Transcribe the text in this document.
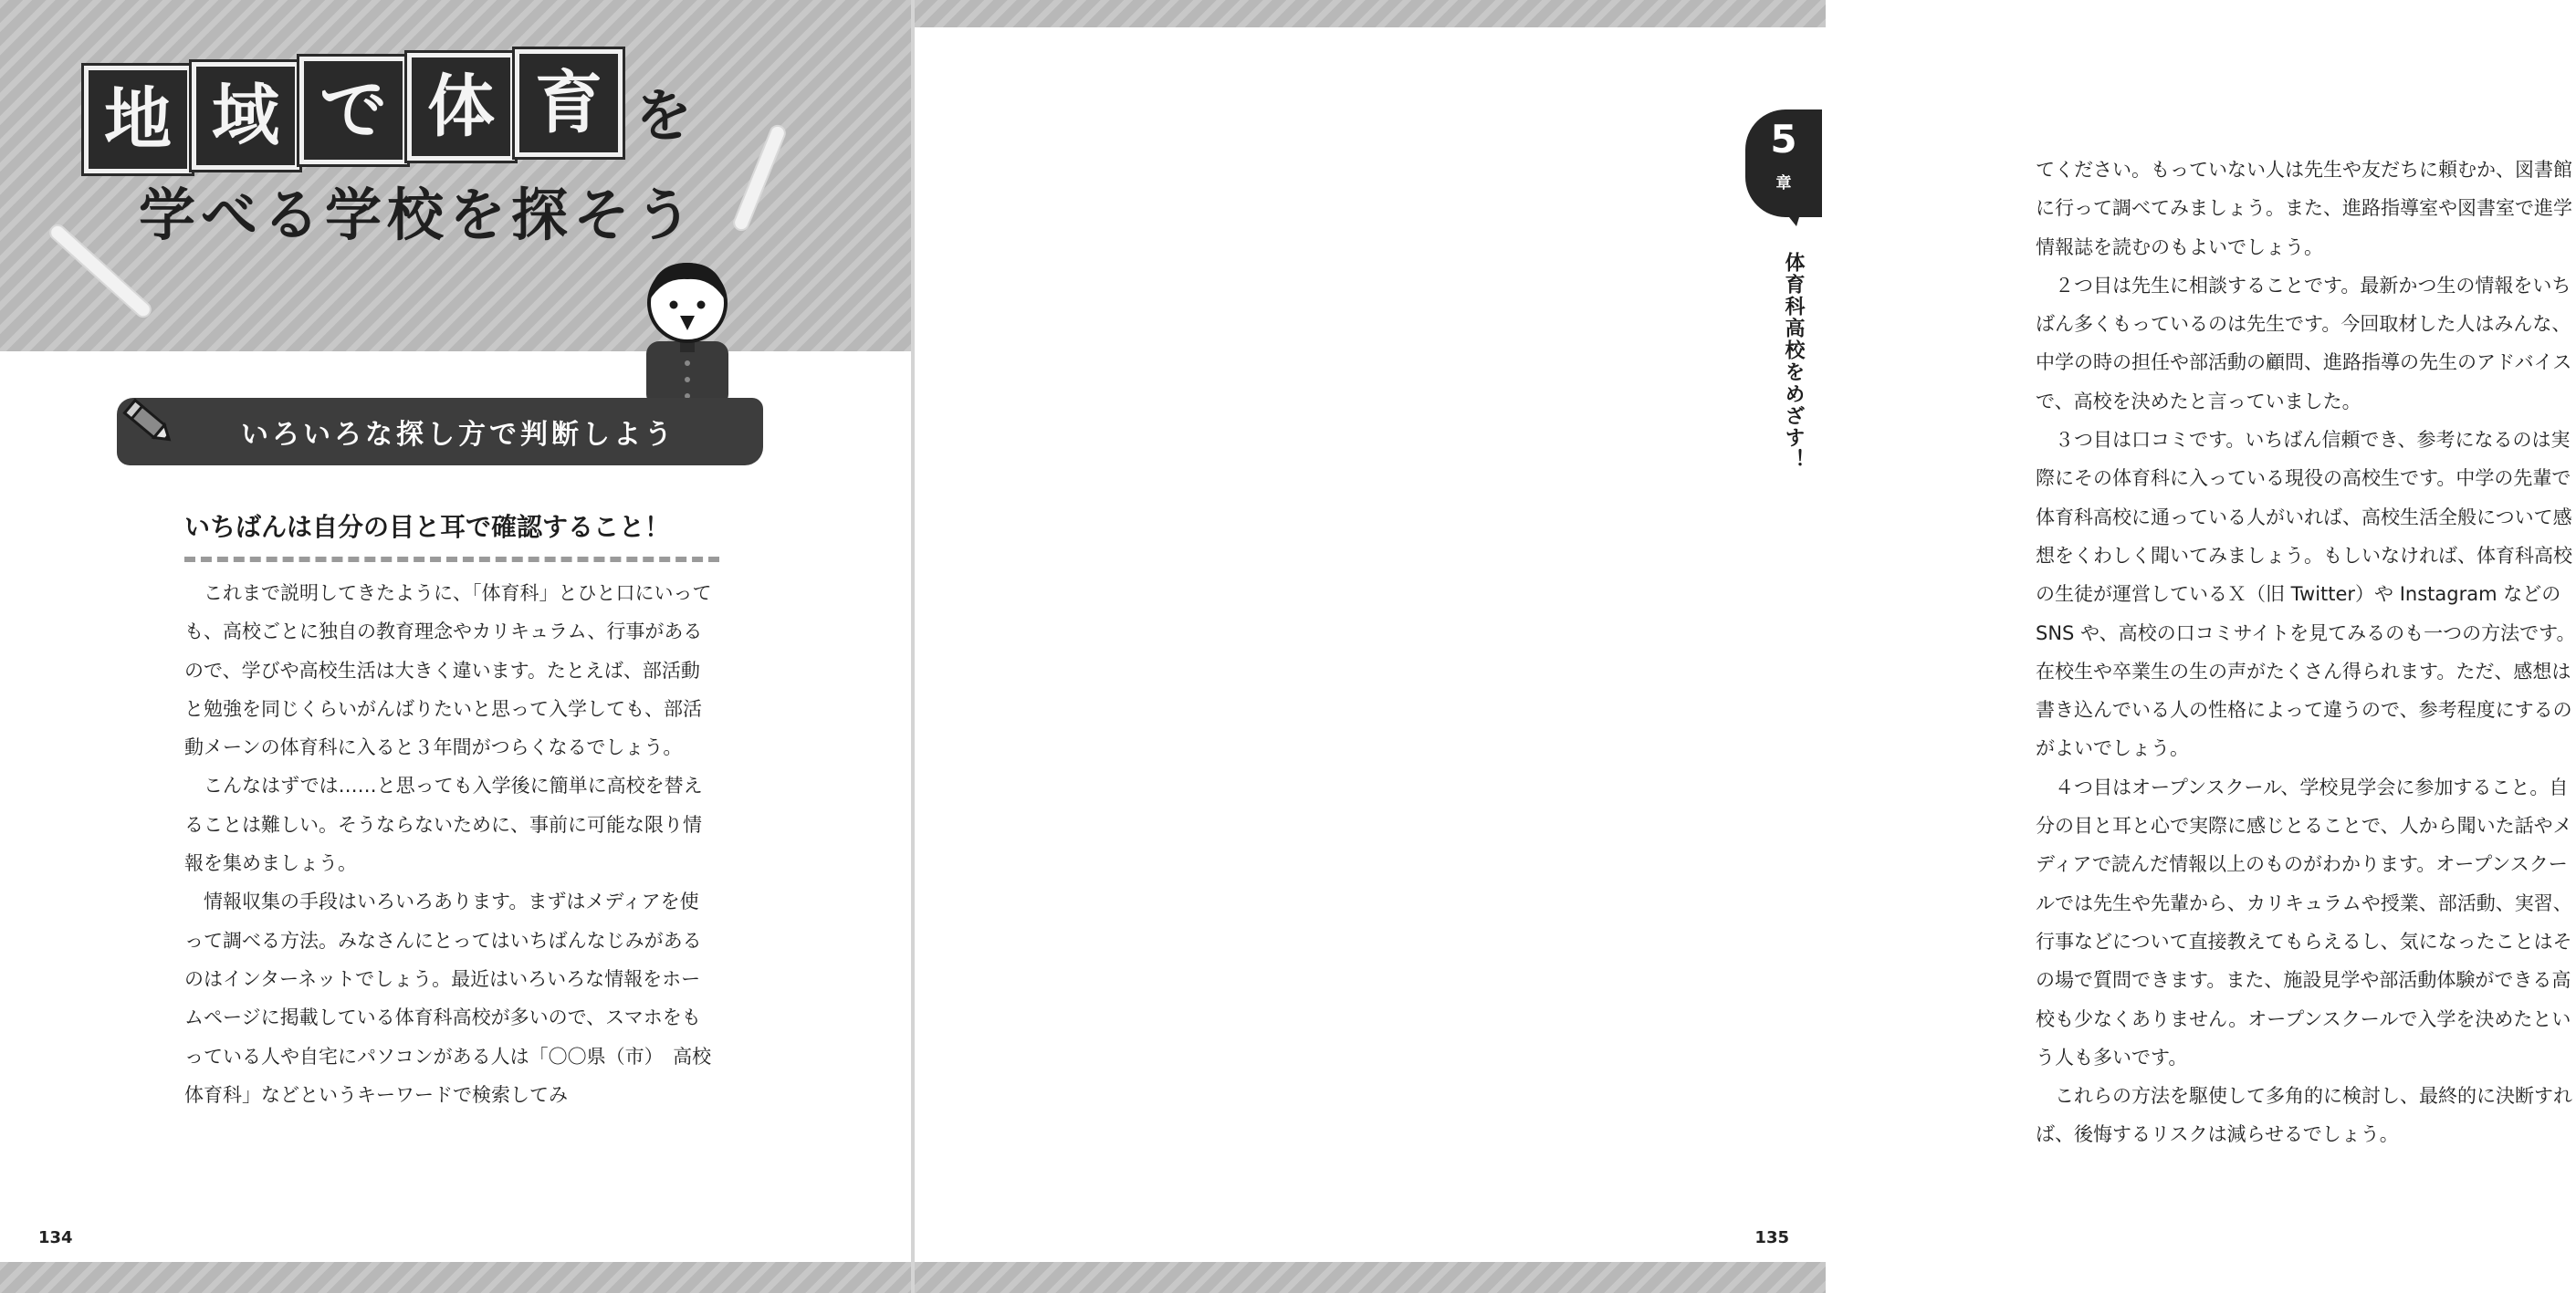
地 域 で 体 育 を
学べる学校を探そう
いろいろな探し方で判断しよう
いちばんは自分の目と耳で確認すること！

これまで説明してきたように、「体育科」とひと口にいっても、高校ごとに独自の教育理念やカリキュラム、行事があるので、学びや高校生活は大きく違います。たとえば、部活動と勉強を同じくらいがんばりたいと思って入学しても、部活動メーンの体育科に入ると３年間がつらくなるでしょう。

こんなはずでは……と思っても入学後に簡単に高校を替えることは難しい。そうならないために、事前に可能な限り情報を集めましょう。

情報収集の手段はいろいろあります。まずはメディアを使って調べる方法。みなさんにとってはいちばんなじみがあるのはインターネットでしょう。最近はいろいろな情報をホームページに掲載している体育科高校が多いので、スマホをもっている人や自宅にパソコンがある人は「〇〇県（市）　高校　体育科」などというキーワードで検索してみ

134

てください。もっていない人は先生や友だちに頼むか、図書館に行って調べてみましょう。また、進路指導室や図書室で進学情報誌を読むのもよいでしょう。

２つ目は先生に相談することです。最新かつ生の情報をいちばん多くもっているのは先生です。今回取材した人はみんな、中学の時の担任や部活動の顧問、進路指導の先生のアドバイスで、高校を決めたと言っていました。

３つ目は口コミです。いちばん信頼でき、参考になるのは実際にその体育科に入っている現役の高校生です。中学の先輩で体育科高校に通っている人がいれば、高校生活全般について感想をくわしく聞いてみましょう。もしいなければ、体育科高校の生徒が運営しているＸ（旧 Twitter）や Instagram などの SNS や、高校の口コミサイトを見てみるのも一つの方法です。在校生や卒業生の生の声がたくさん得られます。ただ、感想は書き込んでいる人の性格によって違うので、参考程度にするのがよいでしょう。

４つ目はオープンスクール、学校見学会に参加すること。自分の目と耳と心で実際に感じとることで、人から聞いた話やメディアで読んだ情報以上のものがわかります。オープンスクールでは先生や先輩から、カリキュラムや授業、部活動、実習、行事などについて直接教えてもらえるし、気になったことはその場で質問できます。また、施設見学や部活動体験ができる高校も少なくありません。オープンスクールで入学を決めたという人も多いです。

これらの方法を駆使して多角的に検討し、最終的に決断すれば、後悔するリスクは減らせるでしょう。

135
5
章
体育科高校をめざす！
